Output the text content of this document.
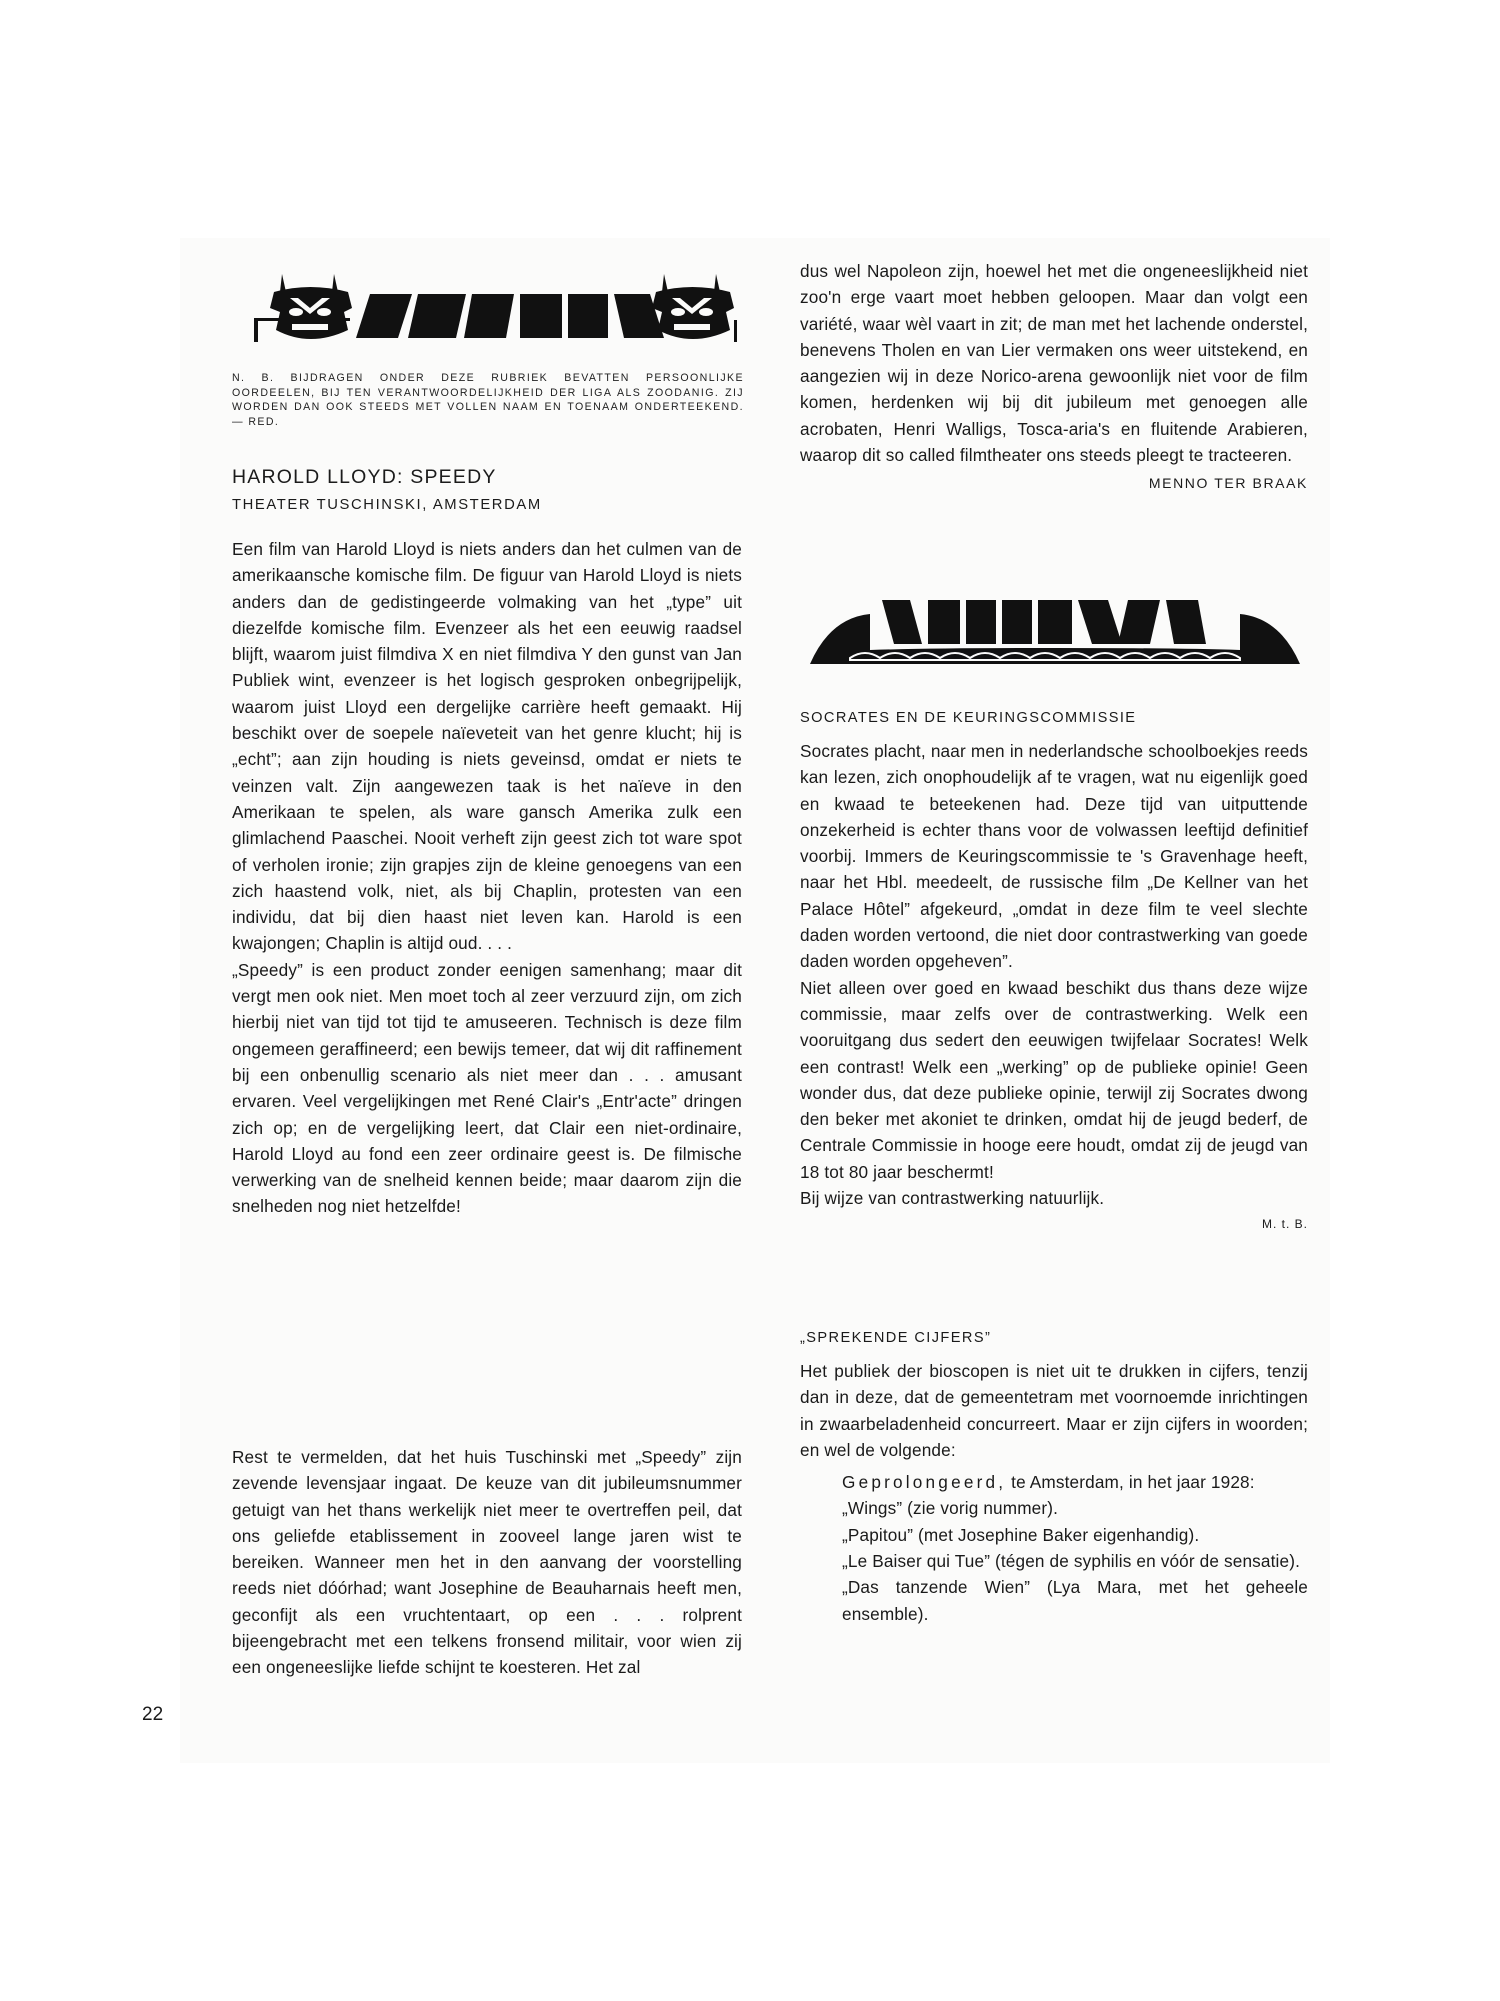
N. B. BIJDRAGEN ONDER DEZE RUBRIEK BEVATTEN PERSOONLIJKE OORDEELEN, BIJ TEN VERANTWOORDELIJKHEID DER LIGA ALS ZOODANIG. ZIJ WORDEN DAN OOK STEEDS MET VOLLEN NAAM EN TOENAAM ONDERTEEKEND. — RED.
HAROLD LLOYD: SPEEDY
THEATER TUSCHINSKI, AMSTERDAM

Een film van Harold Lloyd is niets anders dan het culmen van de amerikaansche komische film. De figuur van Harold Lloyd is niets anders dan de gedistingeerde volmaking van het „type” uit diezelfde komische film. Evenzeer als het een eeuwig raadsel blijft, waarom juist filmdiva X en niet filmdiva Y den gunst van Jan Publiek wint, evenzeer is het logisch gesproken onbegrijpelijk, waarom juist Lloyd een dergelijke carrière heeft gemaakt. Hij beschikt over de soepele naïeveteit van het genre klucht; hij is „echt”; aan zijn houding is niets geveinsd, omdat er niets te veinzen valt. Zijn aangewezen taak is het naïeve in den Amerikaan te spelen, als ware gansch Amerika zulk een glimlachend Paaschei. Nooit verheft zijn geest zich tot ware spot of verholen ironie; zijn grapjes zijn de kleine genoegens van een zich haastend volk, niet, als bij Chaplin, protesten van een individu, dat bij dien haast niet leven kan. Harold is een kwajongen; Chaplin is altijd oud. . . .

„Speedy” is een product zonder eenigen samenhang; maar dit vergt men ook niet. Men moet toch al zeer verzuurd zijn, om zich hierbij niet van tijd tot tijd te amuseeren. Technisch is deze film ongemeen geraffineerd; een bewijs temeer, dat wij dit raffinement bij een onbenullig scenario als niet meer dan . . . amusant ervaren. Veel vergelijkingen met René Clair's „Entr'acte” dringen zich op; en de vergelijking leert, dat Clair een niet-ordinaire, Harold Lloyd au fond een zeer ordinaire geest is. De filmische verwerking van de snelheid kennen beide; maar daarom zijn die snelheden nog niet hetzelfde!

Rest te vermelden, dat het huis Tuschinski met „Speedy” zijn zevende levensjaar ingaat. De keuze van dit jubileumsnummer getuigt van het thans werkelijk niet meer te overtreffen peil, dat ons geliefde etablissement in zooveel lange jaren wist te bereiken. Wanneer men het in den aanvang der voorstelling reeds niet dóórhad; want Josephine de Beauharnais heeft men, geconfijt als een vruchtentaart, op een . . . rolprent bijeengebracht met een telkens fronsend militair, voor wien zij een ongeneeslijke liefde schijnt te koesteren. Het zal

22

dus wel Napoleon zijn, hoewel het met die ongeneeslijkheid niet zoo'n erge vaart moet hebben geloopen. Maar dan volgt een variété, waar wèl vaart in zit; de man met het lachende onderstel, benevens Tholen en van Lier vermaken ons weer uitstekend, en aangezien wij in deze Norico-arena gewoonlijk niet voor de film komen, herdenken wij bij dit jubileum met genoegen alle acrobaten, Henri Walligs, Tosca-aria's en fluitende Arabieren, waarop dit so called filmtheater ons steeds pleegt te tracteeren.

MENNO TER BRAAK
SOCRATES EN DE KEURINGSCOMMISSIE

Socrates placht, naar men in nederlandsche schoolboekjes reeds kan lezen, zich onophoudelijk af te vragen, wat nu eigenlijk goed en kwaad te beteekenen had. Deze tijd van uitputtende onzekerheid is echter thans voor de volwassen leeftijd definitief voorbij. Immers de Keuringscommissie te 's Gravenhage heeft, naar het Hbl. meedeelt, de russische film „De Kellner van het Palace Hôtel” afgekeurd, „omdat in deze film te veel slechte daden worden vertoond, die niet door contrastwerking van goede daden worden opgeheven”.

Niet alleen over goed en kwaad beschikt dus thans deze wijze commissie, maar zelfs over de contrastwerking. Welk een vooruitgang dus sedert den eeuwigen twijfelaar Socrates! Welk een contrast! Welk een „werking” op de publieke opinie! Geen wonder dus, dat deze publieke opinie, terwijl zij Socrates dwong den beker met akoniet te drinken, omdat hij de jeugd bederf, de Centrale Commissie in hooge eere houdt, omdat zij de jeugd van 18 tot 80 jaar beschermt!

Bij wijze van contrastwerking natuurlijk.

M. t. B.
„SPREKENDE CIJFERS”

Het publiek der bioscopen is niet uit te drukken in cijfers, tenzij dan in deze, dat de gemeentetram met voornoemde inrichtingen in zwaarbeladenheid concurreert. Maar er zijn cijfers in woorden; en wel de volgende:

Geprolongeerd, te Amsterdam, in het jaar 1928:

„Wings” (zie vorig nummer).

„Papitou” (met Josephine Baker eigenhandig).

„Le Baiser qui Tue” (tégen de syphilis en vóór de sensatie).

„Das tanzende Wien” (Lya Mara, met het geheele ensemble).
